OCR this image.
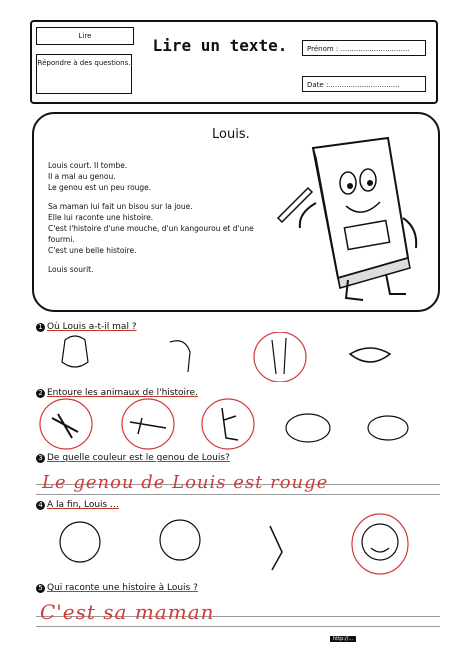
Lire
Répondre à des questions.
Lire un texte.	Prénom : ...............................
Date :................................
Louis.
Louis court. Il tombe.
Il a mal au genou.
Le genou est un peu rouge.
Sa maman lui fait un bisou sur la joue.
Elle lui raconte une histoire.
C'est l'histoire d'une mouche, d'un kangourou et d'une fourmi.
C'est une belle histoire.
Louis sourit.
1 Où Louis a-t-il mal ?
2 Entoure les animaux de l'histoire.
3 De quelle couleur est le genou de Louis?
Le genou de Louis est rouge
4 A la fin, Louis ...
5 Qui raconte une histoire à Louis ?
C'est sa maman
http://...
